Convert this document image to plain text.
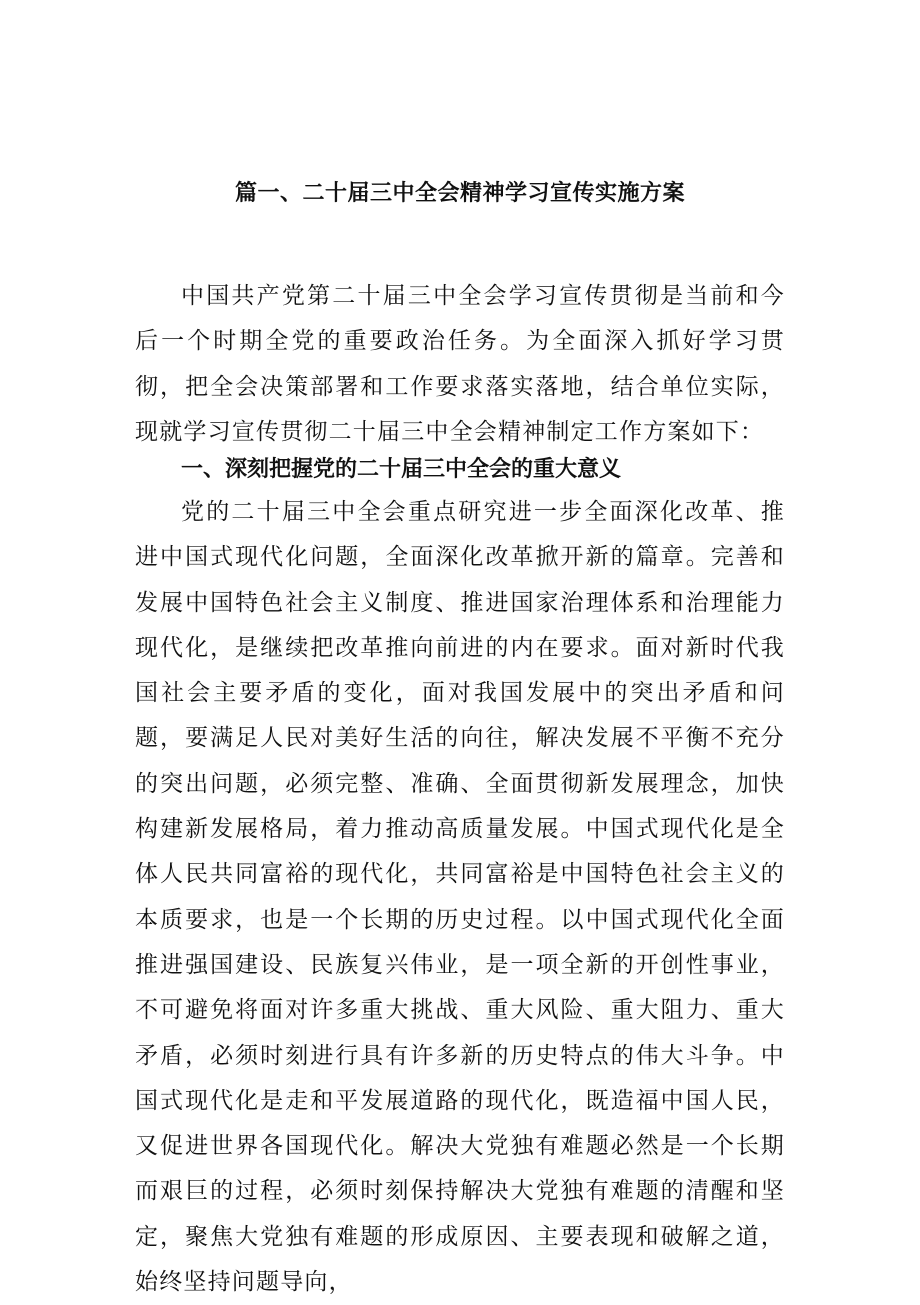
篇一、二十届三中全会精神学习宣传实施方案

中国共产党第二十届三中全会学习宣传贯彻是当前和今后一个时期全党的重要政治任务。为全面深入抓好学习贯彻，把全会决策部署和工作要求落实落地，结合单位实际，现就学习宣传贯彻二十届三中全会精神制定工作方案如下：

一、深刻把握党的二十届三中全会的重大意义

党的二十届三中全会重点研究进一步全面深化改革、推进中国式现代化问题，全面深化改革掀开新的篇章。完善和发展中国特色社会主义制度、推进国家治理体系和治理能力现代化，是继续把改革推向前进的内在要求。面对新时代我国社会主要矛盾的变化，面对我国发展中的突出矛盾和问题，要满足人民对美好生活的向往，解决发展不平衡不充分的突出问题，必须完整、准确、全面贯彻新发展理念，加快构建新发展格局，着力推动高质量发展。中国式现代化是全体人民共同富裕的现代化，共同富裕是中国特色社会主义的本质要求，也是一个长期的历史过程。以中国式现代化全面推进强国建设、民族复兴伟业，是一项全新的开创性事业，不可避免将面对许多重大挑战、重大风险、重大阻力、重大矛盾，必须时刻进行具有许多新的历史特点的伟大斗争。中国式现代化是走和平发展道路的现代化，既造福中国人民，又促进世界各国现代化。解决大党独有难题必然是一个长期而艰巨的过程，必须时刻保持解决大党独有难题的清醒和坚定，聚焦大党独有难题的形成原因、主要表现和破解之道，始终坚持问题导向，
